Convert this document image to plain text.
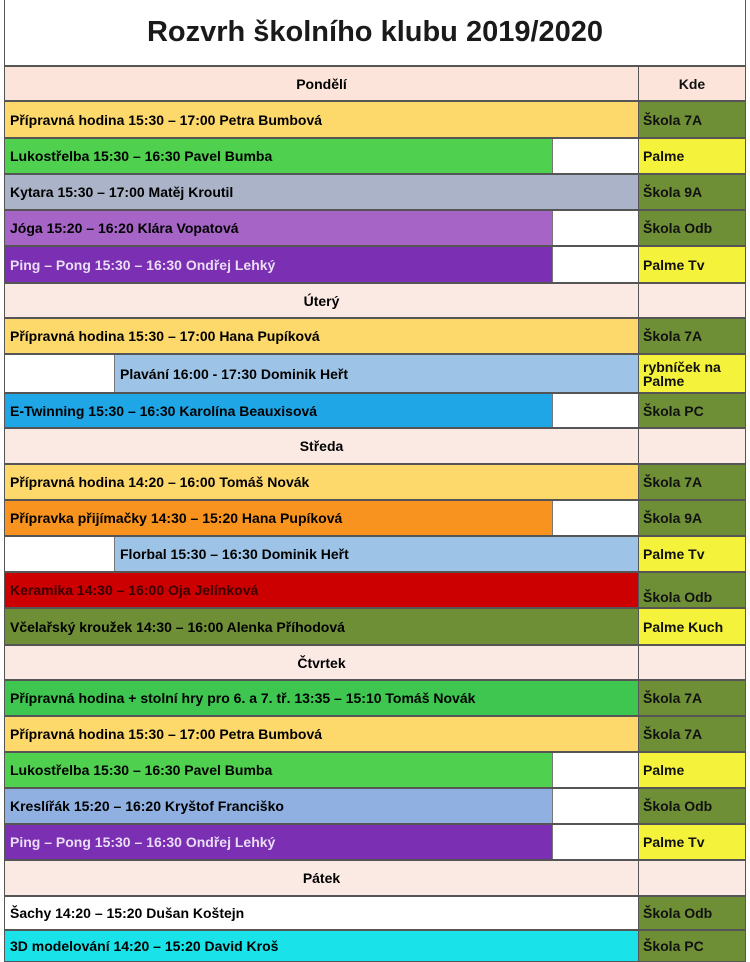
Rozvrh školního klubu 2019/2020
Pondělí	Kde
Přípravná hodina 15:30 – 17:00 Petra Bumbová	Škola 7A
Lukostřelba 15:30 – 16:30 Pavel Bumba	Palme
Kytara 15:30 – 17:00 Matěj Kroutil	Škola 9A
Jóga 15:20 – 16:20 Klára Vopatová	Škola Odb
Ping – Pong 15:30 – 16:30 Ondřej Lehký	Palme Tv
Úterý
Přípravná hodina 15:30 – 17:00 Hana Pupíková	Škola 7A
Plavání 16:00 - 17:30 Dominik Heřt	rybníček na Palme
E-Twinning 15:30 – 16:30 Karolína Beauxisová	Škola PC
Středa
Přípravná hodina 14:20 – 16:00 Tomáš Novák	Škola 7A
Přípravka přijímačky 14:30 – 15:20 Hana Pupíková	Škola 9A
Florbal 15:30 – 16:30 Dominik Heřt	Palme Tv
Keramika 14:30 – 16:00 Oja Jelínková	Škola Odb
Včelařský kroužek 14:30 – 16:00 Alenka Příhodová	Palme Kuch
Čtvrtek
Přípravná hodina + stolní hry pro 6. a 7. tř. 13:35 – 15:10 Tomáš Novák	Škola 7A
Přípravná hodina 15:30 – 17:00 Petra Bumbová	Škola 7A
Lukostřelba 15:30 – 16:30 Pavel Bumba	Palme
Kreslířák 15:20 – 16:20 Kryštof Franciško	Škola Odb
Ping – Pong 15:30 – 16:30 Ondřej Lehký	Palme Tv
Pátek
Šachy 14:20 – 15:20 Dušan Koštejn	Škola Odb
3D modelování 14:20 – 15:20 David Kroš	Škola PC
